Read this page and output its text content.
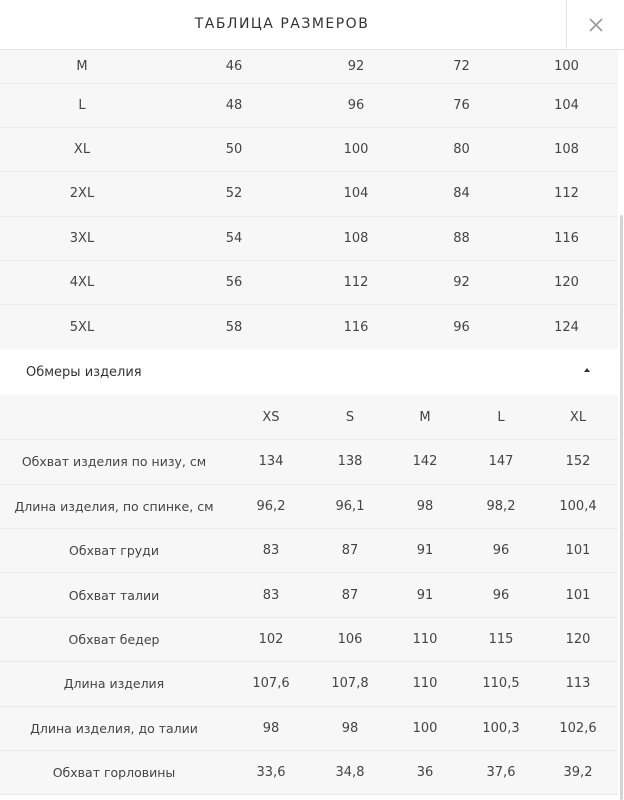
ТАБЛИЦА РАЗМЕРОВ
M	46	92	72	100
L	48	96	76	104
XL	50	100	80	108
2XL	52	104	84	112
3XL	54	108	88	116
4XL	56	112	92	120
5XL	58	116	96	124
Обмеры изделия
	XS	S	M	L	XL
Обхват изделия по низу, см	134	138	142	147	152
Длина изделия, по спинке, см	96,2	96,1	98	98,2	100,4
Обхват груди	83	87	91	96	101
Обхват талии	83	87	91	96	101
Обхват бедер	102	106	110	115	120
Длина изделия	107,6	107,8	110	110,5	113
Длина изделия, до талии	98	98	100	100,3	102,6
Обхват горловины	33,6	34,8	36	37,6	39,2
